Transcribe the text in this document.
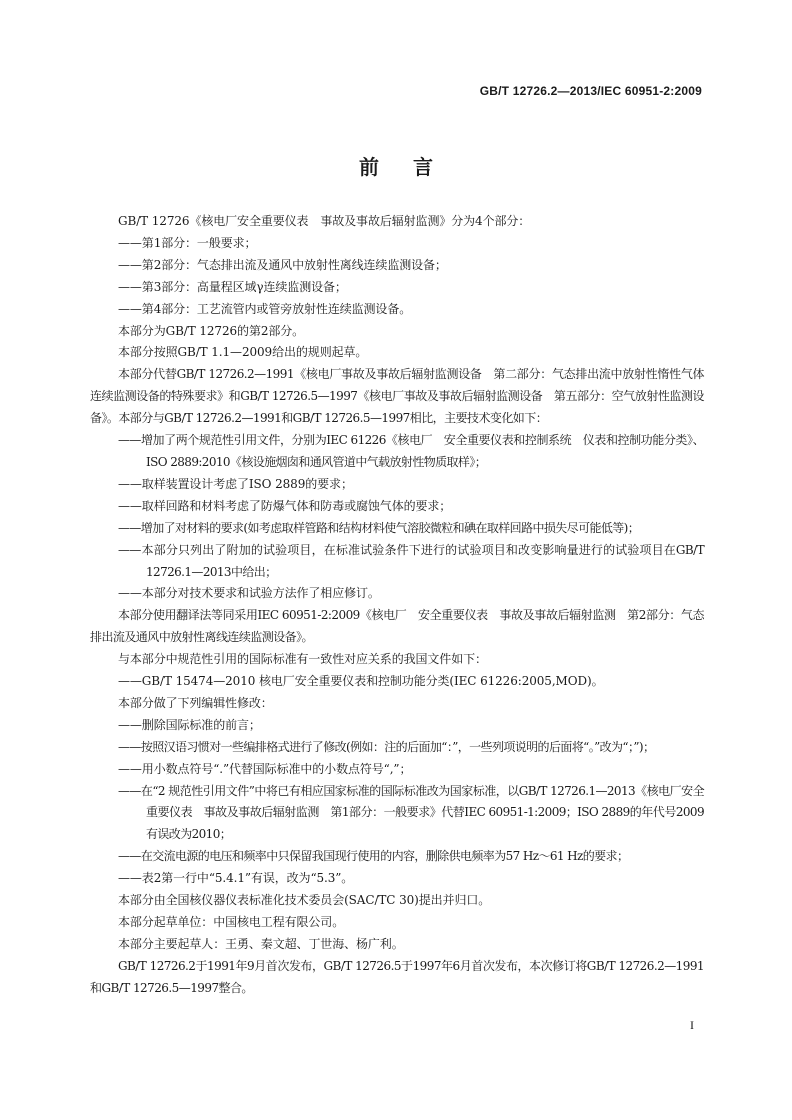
GB/T 12726.2—2013/IEC 60951-2:2009
前言

GB/T 12726《核电厂安全重要仪表　事故及事故后辐射监测》分为4个部分：

——第1部分：一般要求；

——第2部分：气态排出流及通风中放射性离线连续监测设备；

——第3部分：高量程区域γ连续监测设备；

——第4部分：工艺流管内或管旁放射性连续监测设备。

本部分为GB/T 12726的第2部分。

本部分按照GB/T 1.1—2009给出的规则起草。

本部分代替GB/T 12726.2—1991《核电厂事故及事故后辐射监测设备　第二部分：气态排出流中放射性惰性气体连续监测设备的特殊要求》和GB/T 12726.5—1997《核电厂事故及事故后辐射监测设备　第五部分：空气放射性监测设备》。本部分与GB/T 12726.2—1991和GB/T 12726.5—1997相比，主要技术变化如下：

——增加了两个规范性引用文件，分别为IEC 61226《核电厂　安全重要仪表和控制系统　仪表和控制功能分类》、ISO 2889:2010《核设施烟囱和通风管道中气载放射性物质取样》；

——取样装置设计考虑了ISO 2889的要求；

——取样回路和材料考虑了防爆气体和防毒或腐蚀气体的要求；

——增加了对材料的要求(如考虑取样管路和结构材料使气溶胶微粒和碘在取样回路中损失尽可能低等)；

——本部分只列出了附加的试验项目，在标准试验条件下进行的试验项目和改变影响量进行的试验项目在GB/T 12726.1—2013中给出；

——本部分对技术要求和试验方法作了相应修订。

本部分使用翻译法等同采用IEC 60951-2:2009《核电厂　安全重要仪表　事故及事故后辐射监测　第2部分：气态排出流及通风中放射性离线连续监测设备》。

与本部分中规范性引用的国际标准有一致性对应关系的我国文件如下：

——GB/T 15474—2010 核电厂安全重要仪表和控制功能分类(IEC 61226:2005,MOD)。

本部分做了下列编辑性修改：

——删除国际标准的前言；

——按照汉语习惯对一些编排格式进行了修改(例如：注的后面加“：”，一些列项说明的后面将“。”改为“；”)；

——用小数点符号“.”代替国际标准中的小数点符号“,”；

——在“2 规范性引用文件”中将已有相应国家标准的国际标准改为国家标准，以GB/T 12726.1—2013《核电厂安全重要仪表　事故及事故后辐射监测　第1部分：一般要求》代替IEC 60951-1:2009；ISO 2889的年代号2009有误改为2010；

——在交流电源的电压和频率中只保留我国现行使用的内容，删除供电频率为57 Hz～61 Hz的要求；

——表2第一行中“5.4.1”有误，改为“5.3”。

本部分由全国核仪器仪表标准化技术委员会(SAC/TC 30)提出并归口。

本部分起草单位：中国核电工程有限公司。

本部分主要起草人：王勇、秦文超、丁世海、杨广利。

GB/T 12726.2于1991年9月首次发布，GB/T 12726.5于1997年6月首次发布，本次修订将GB/T 12726.2—1991和GB/T 12726.5—1997整合。

I
